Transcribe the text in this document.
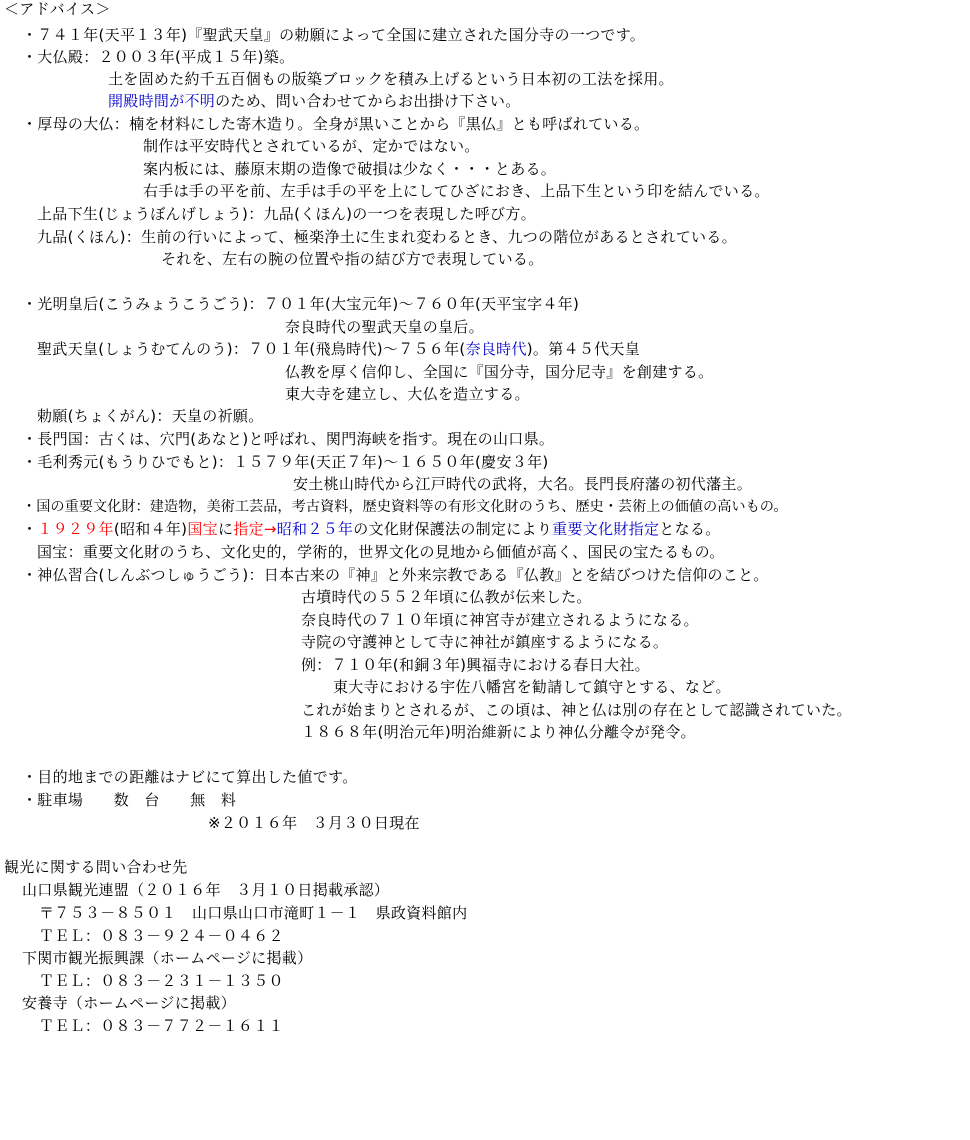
＜アドバイス＞
・７４１年(天平１３年)『聖武天皇』の勅願によって全国に建立された国分寺の一つです。
・大仏殿：２００３年(平成１５年)築。
土を固めた約千五百個もの版築ブロックを積み上げるという日本初の工法を採用。
開殿時間が不明のため、問い合わせてからお出掛け下さい。
・厚母の大仏：楠を材料にした寄木造り。全身が黒いことから『黒仏』とも呼ばれている。
制作は平安時代とされているが、定かではない。
案内板には、藤原末期の造像で破損は少なく・・・とある。
右手は手の平を前、左手は手の平を上にしてひざにおき、上品下生という印を結んでいる。
上品下生(じょうぼんげしょう)：九品(くほん)の一つを表現した呼び方。
九品(くほん)：生前の行いによって、極楽浄土に生まれ変わるとき、九つの階位があるとされている。
それを、左右の腕の位置や指の結び方で表現している。
・光明皇后(こうみょうこうごう)：７０１年(大宝元年)～７６０年(天平宝字４年)
奈良時代の聖武天皇の皇后。
聖武天皇(しょうむてんのう)：７０１年(飛鳥時代)～７５６年(奈良時代)。第４５代天皇
仏教を厚く信仰し、全国に『国分寺，国分尼寺』を創建する。
東大寺を建立し、大仏を造立する。
勅願(ちょくがん)：天皇の祈願。
・長門国：古くは、穴門(あなと)と呼ばれ、関門海峡を指す。現在の山口県。
・毛利秀元(もうりひでもと)：１５７９年(天正７年)～１６５０年(慶安３年)
安土桃山時代から江戸時代の武将，大名。長門長府藩の初代藩主。
・国の重要文化財：建造物，美術工芸品，考古資料，歴史資料等の有形文化財のうち、歴史・芸術上の価値の高いもの。
・１９２９年(昭和４年)国宝に指定→昭和２５年の文化財保護法の制定により重要文化財指定となる。
国宝：重要文化財のうち、文化史的，学術的，世界文化の見地から価値が高く、国民の宝たるもの。
・神仏習合(しんぶつしゅうごう)：日本古来の『神』と外来宗教である『仏教』とを結びつけた信仰のこと。
古墳時代の５５２年頃に仏教が伝来した。
奈良時代の７１０年頃に神宮寺が建立されるようになる。
寺院の守護神として寺に神社が鎮座するようになる。
例：７１０年(和銅３年)興福寺における春日大社。
東大寺における宇佐八幡宮を勧請して鎮守とする、など。
これが始まりとされるが、この頃は、神と仏は別の存在として認識されていた。
１８６８年(明治元年)明治維新により神仏分離令が発令。
・目的地までの距離はナビにて算出した値です。
・駐車場　　数　台　　無　料
※２０１６年　３月３０日現在
観光に関する問い合わせ先
山口県観光連盟（２０１６年　３月１０日掲載承認）
〒７５３－８５０１　山口県山口市滝町１－１　県政資料館内
ＴＥＬ：０８３－９２４－０４６２
下関市観光振興課（ホームページに掲載）
ＴＥＬ：０８３－２３１－１３５０
安養寺（ホームページに掲載）
ＴＥＬ：０８３－７７２－１６１１
